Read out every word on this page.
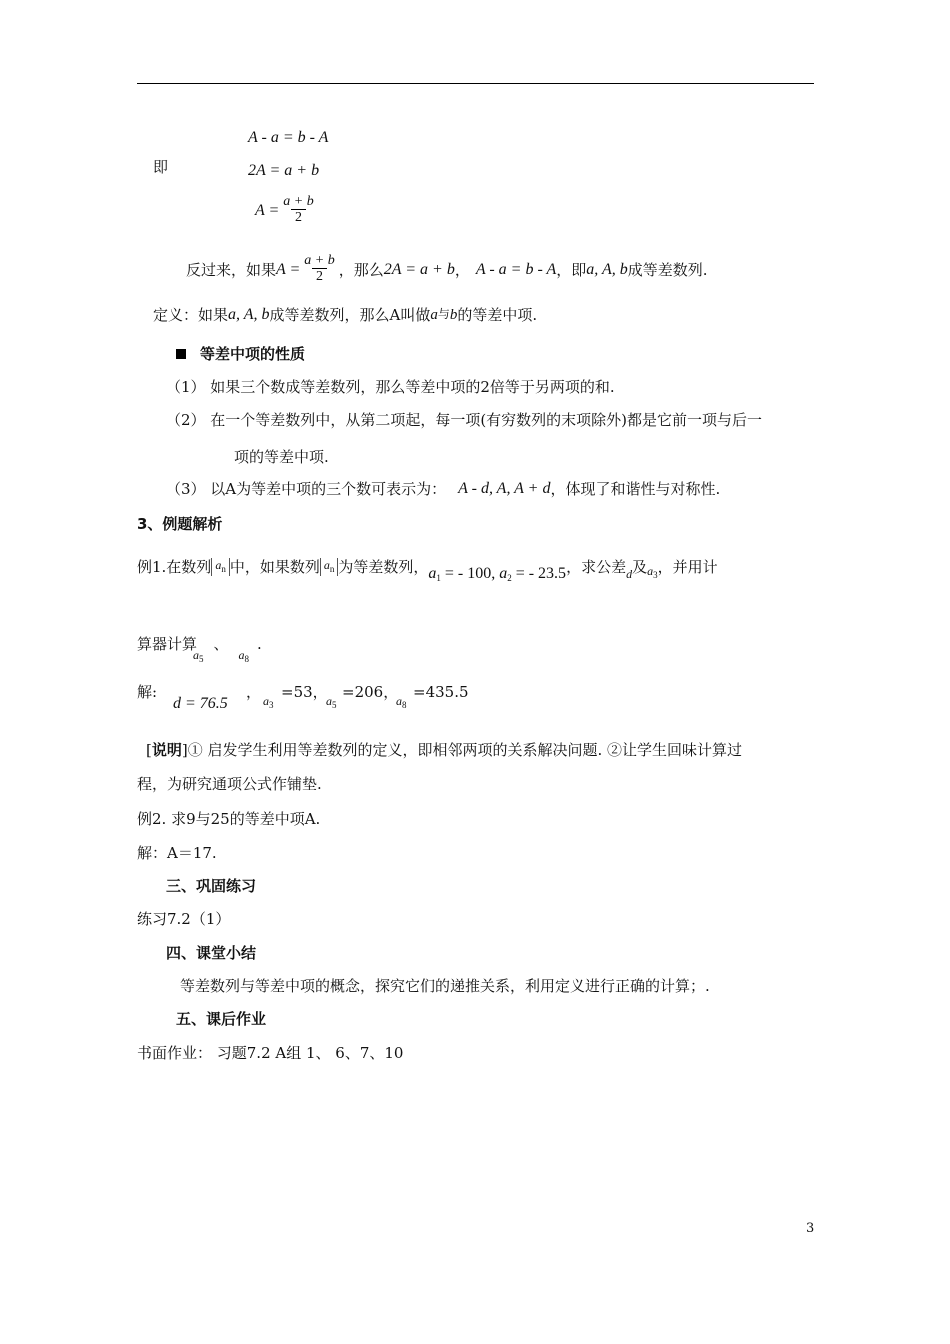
A - a = b - A
即	2A = a + b
$A = \frac{a + b}{2}$
反过来，如果 $A = \frac{a + b}{2}$ ，那么 2A = a + b ， A - a = b - A ，即 a, A, b 成等差数列.
定义：如果 a, A, b 成等差数列，那么A叫做 a 与 b 的等差中项.
等差中项的性质
（1） 如果三个数成等差数列，那么等差中项的2倍等于另两项的和.
（2） 在一个等差数列中，从第二项起，每一项(有穷数列的末项除外)都是它前一项与后一
项的等差中项.
（3） 以A为等差中项的三个数可表示为： A - d, A, A + d ，体现了和谐性与对称性.
3、例题解析
例1.在数列 $a_n$ 中，如果数列 $a_n$ 为等差数列， $a_1$ = - 100, $a_2$ = - 23.5 ，求公差 d 及 $a_3$ ，并用计
算器计算
$a_5$
、
$a_8$
.
解:
d = 76.5
， $a_3$
=53，
$a_5$
=206，
$a_8$
=435.5
[说明]① 启发学生利用等差数列的定义，即相邻两项的关系解决问题. ②让学生回味计算过
程，为研究通项公式作铺垫.
例2. 求9与25的等差中项A.
解：A＝17.
三、巩固练习
练习7.2（1）
四、课堂小结
等差数列与等差中项的概念，探究它们的递推关系，利用定义进行正确的计算；.
五、课后作业
书面作业： 习题7.2 A组 1、 6、7、10
3
